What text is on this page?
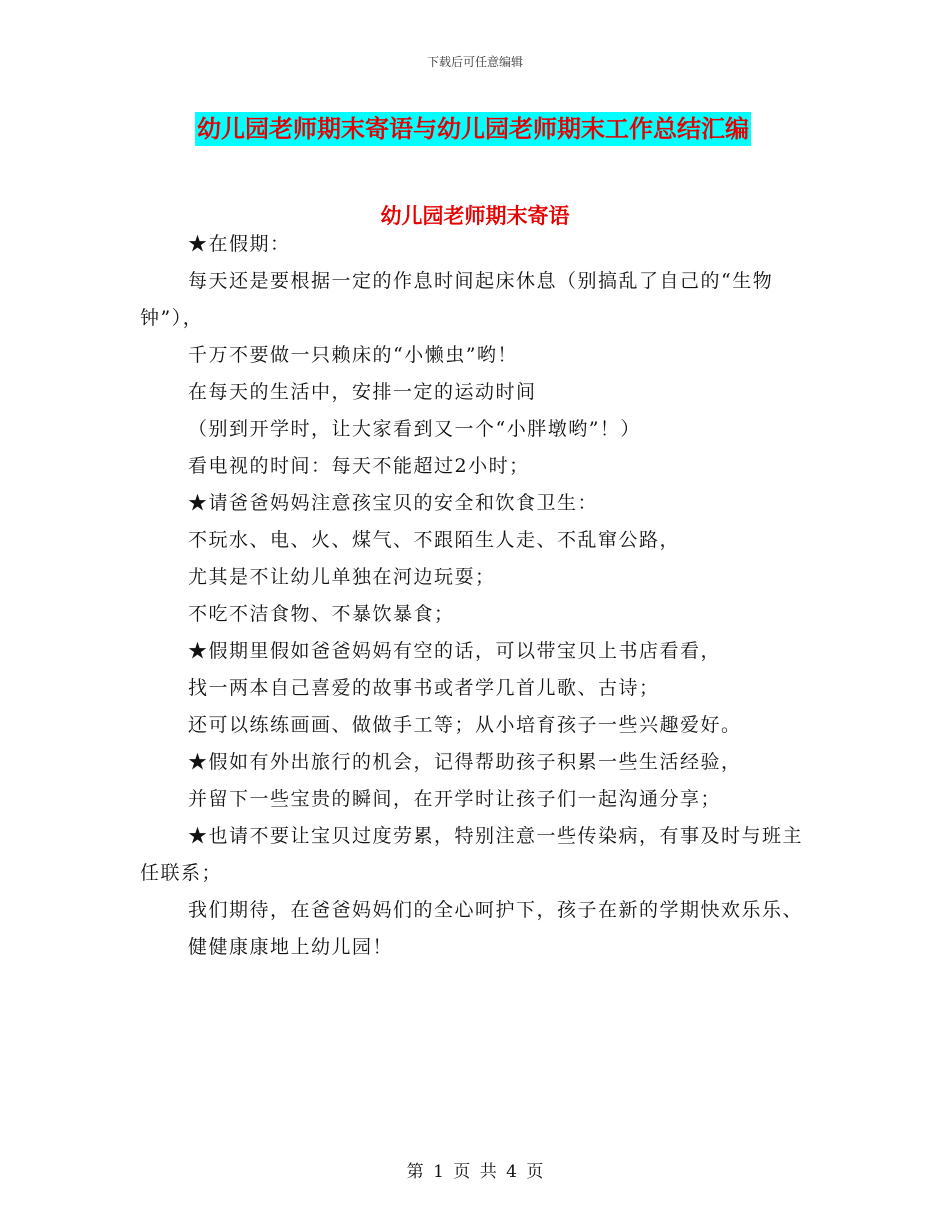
下载后可任意编辑
幼儿园老师期末寄语与幼儿园老师期末工作总结汇编
幼儿园老师期末寄语

★在假期：

每天还是要根据一定的作息时间起床休息（别搞乱了自己的“生物钟”），

千万不要做一只赖床的“小懒虫”哟！

在每天的生活中，安排一定的运动时间

（别到开学时，让大家看到又一个“小胖墩哟”！）

看电视的时间：每天不能超过2小时；

★请爸爸妈妈注意孩宝贝的安全和饮食卫生：

不玩水、电、火、煤气、不跟陌生人走、不乱窜公路，

尤其是不让幼儿单独在河边玩耍；

不吃不洁食物、不暴饮暴食；

★假期里假如爸爸妈妈有空的话，可以带宝贝上书店看看，

找一两本自己喜爱的故事书或者学几首儿歌、古诗；

还可以练练画画、做做手工等；从小培育孩子一些兴趣爱好。

★假如有外出旅行的机会，记得帮助孩子积累一些生活经验，

并留下一些宝贵的瞬间，在开学时让孩子们一起沟通分享；

★也请不要让宝贝过度劳累，特别注意一些传染病，有事及时与班主任联系；

我们期待，在爸爸妈妈们的全心呵护下，孩子在新的学期快欢乐乐、

健健康康地上幼儿园！

第 1 页 共 4 页
